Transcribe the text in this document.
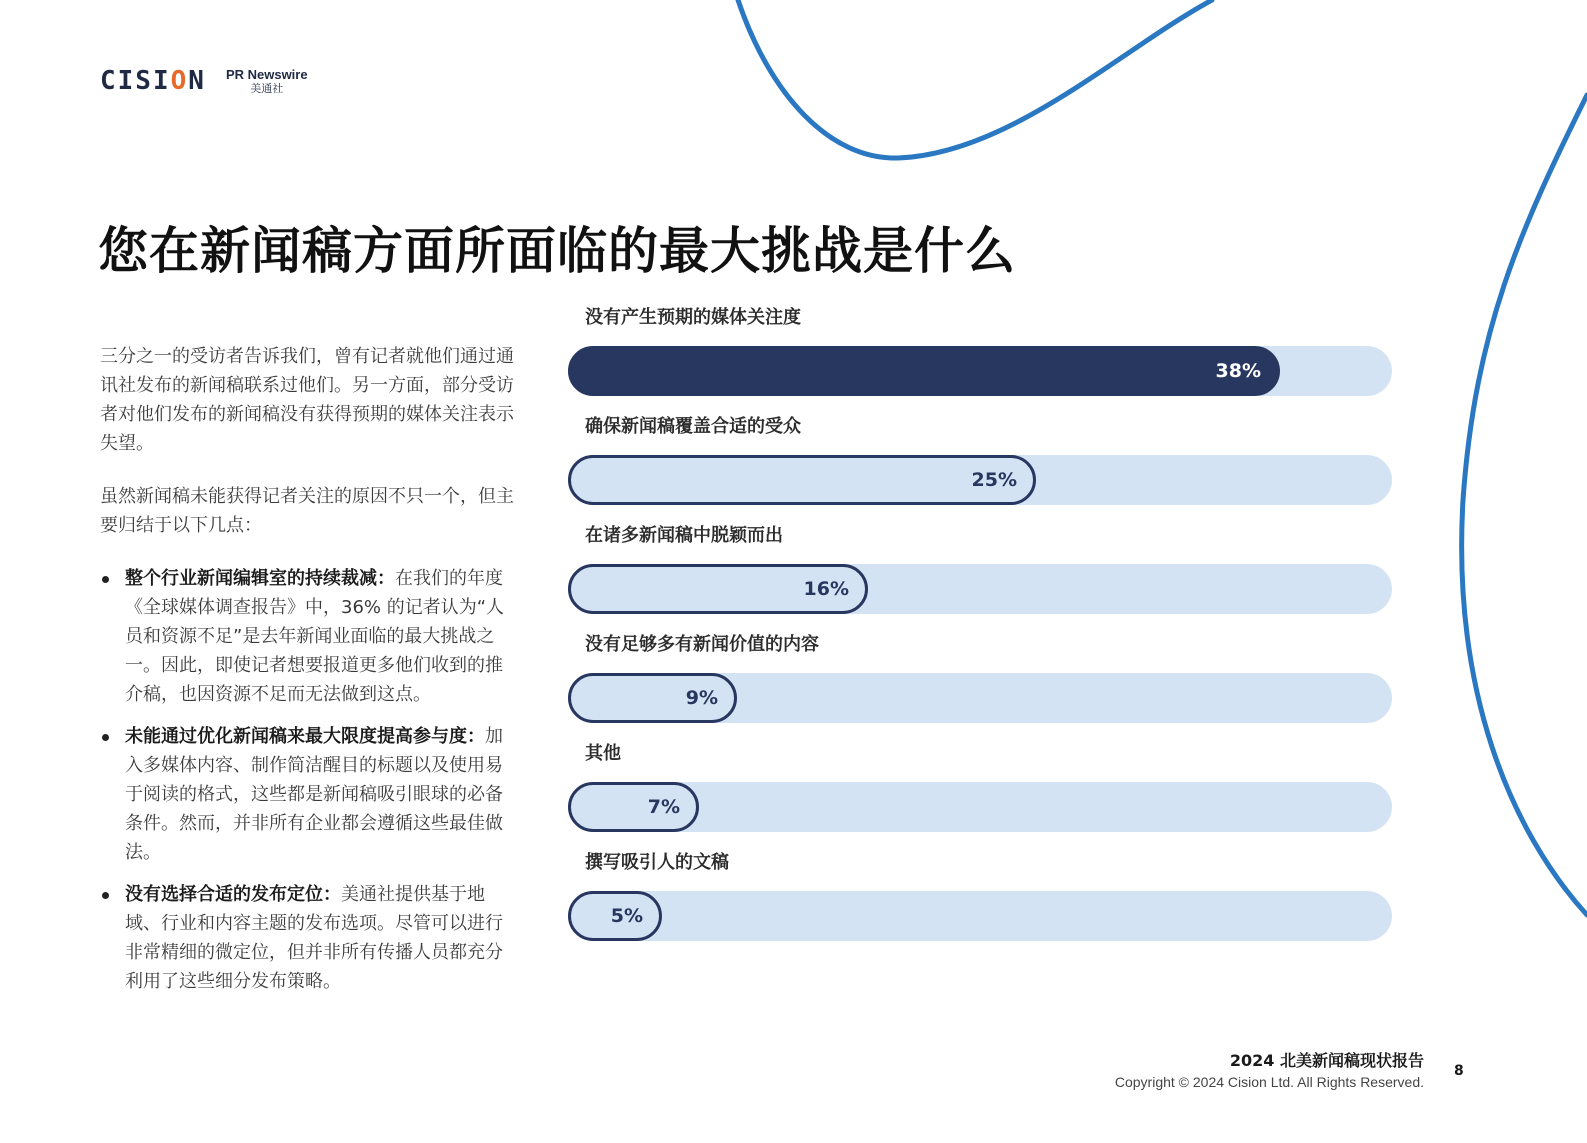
CISION PR Newswire
美通社
您在新闻稿方面所面临的最大挑战是什么

三分之一的受访者告诉我们，曾有记者就他们通过通讯社发布的新闻稿联系过他们。另一方面，部分受访者对他们发布的新闻稿没有获得预期的媒体关注表示失望。

虽然新闻稿未能获得记者关注的原因不只一个，但主要归结于以下几点：

整个行业新闻编辑室的持续裁减：在我们的年度《全球媒体调查报告》中，36% 的记者认为“人员和资源不足”是去年新闻业面临的最大挑战之一。因此，即使记者想要报道更多他们收到的推介稿，也因资源不足而无法做到这点。
未能通过优化新闻稿来最大限度提高参与度：加入多媒体内容、制作简洁醒目的标题以及使用易于阅读的格式，这些都是新闻稿吸引眼球的必备条件。然而，并非所有企业都会遵循这些最佳做法。
没有选择合适的发布定位：美通社提供基于地域、行业和内容主题的发布选项。尽管可以进行非常精细的微定位，但并非所有传播人员都充分利用了这些细分发布策略。
没有产生预期的媒体关注度
38%
确保新闻稿覆盖合适的受众
25%
在诸多新闻稿中脱颖而出
16%
没有足够多有新闻价值的内容
9%
其他
7%
撰写吸引人的文稿
5%
2024 北美新闻稿现状报告
Copyright © 2024 Cision Ltd. All Rights Reserved.
8
